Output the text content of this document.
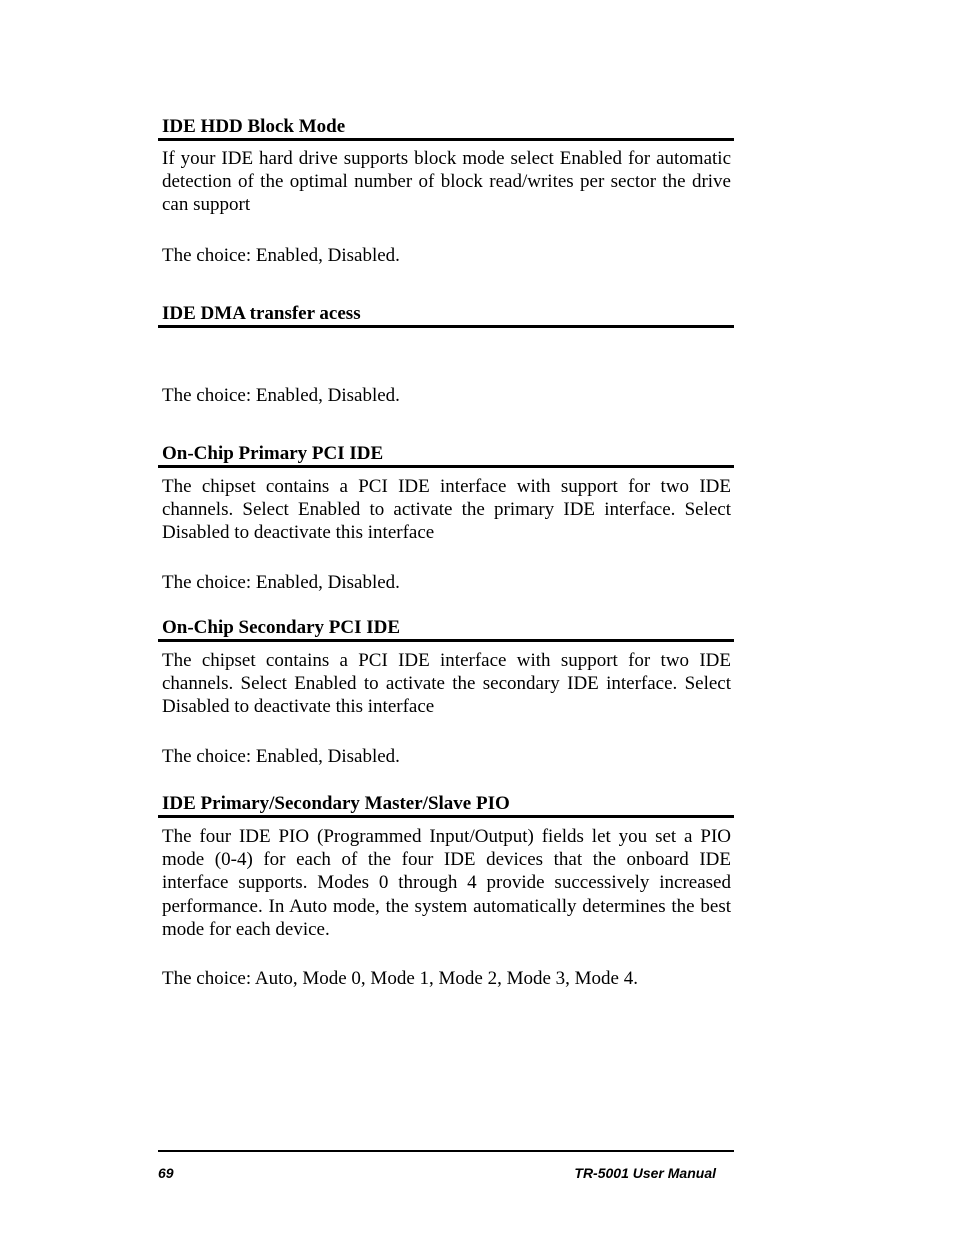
IDE HDD Block Mode

If your IDE hard drive supports block mode select Enabled for automatic detection of the optimal number of block read/writes per sector the drive can support

The choice: Enabled, Disabled.

IDE DMA transfer acess

The choice: Enabled, Disabled.

On-Chip Primary PCI IDE

The chipset contains a PCI IDE interface with support for two IDE channels. Select Enabled to activate the primary IDE interface. Select Disabled to deactivate this interface

The choice: Enabled, Disabled.

On-Chip Secondary PCI IDE

The chipset contains a PCI IDE interface with support for two IDE channels. Select Enabled to activate the secondary IDE interface. Select Disabled to deactivate this interface

The choice: Enabled, Disabled.

IDE Primary/Secondary Master/Slave PIO

The four IDE PIO (Programmed Input/Output) fields let you set a PIO mode (0-4) for each of the four IDE devices that the onboard IDE interface supports. Modes 0 through 4 provide successively increased performance. In Auto mode, the system automatically determines the best mode for each device.

The choice: Auto, Mode 0, Mode 1, Mode 2, Mode 3, Mode 4.

69	TR-5001 User Manual
